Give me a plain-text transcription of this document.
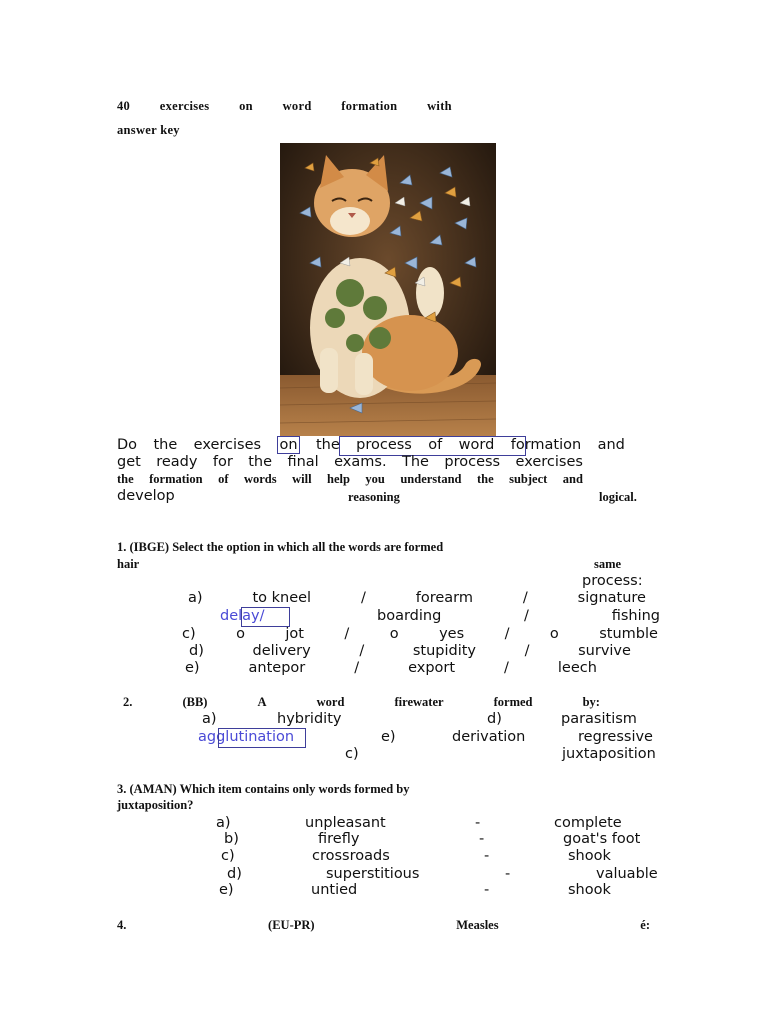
40 exercises on word formation with
answer key
Do the exercises on the process of word formation and
get ready for the final exams. The process exercises
the formation of words will help you understand the subject and
develop	reasoning	logical.
1. (IBGE) Select the option in which all the words are formed
hair	same
process:
a)	to kneel	/	forearm	/	signature
delay/	boarding	/	fishing
c)	o	jot	/	o	yes	/	o	stumble
d)	delivery	/	stupidity	/	survive
e)	antepor	/	export	/	leech
2.	(BB)	A	word	firewater	formed	by:
a)	hybridity	d)	parasitism
agglutination	e)	derivation	regressive
c)	juxtaposition
3. (AMAN) Which item contains only words formed by
juxtaposition?
a)	unpleasant	-	complete
b)	firefly	-	goat's foot
c)	crossroads	-	shook
d)	superstitious	-	valuable
e)	untied	-	shook
4.	(EU-PR)	Measles	é:
